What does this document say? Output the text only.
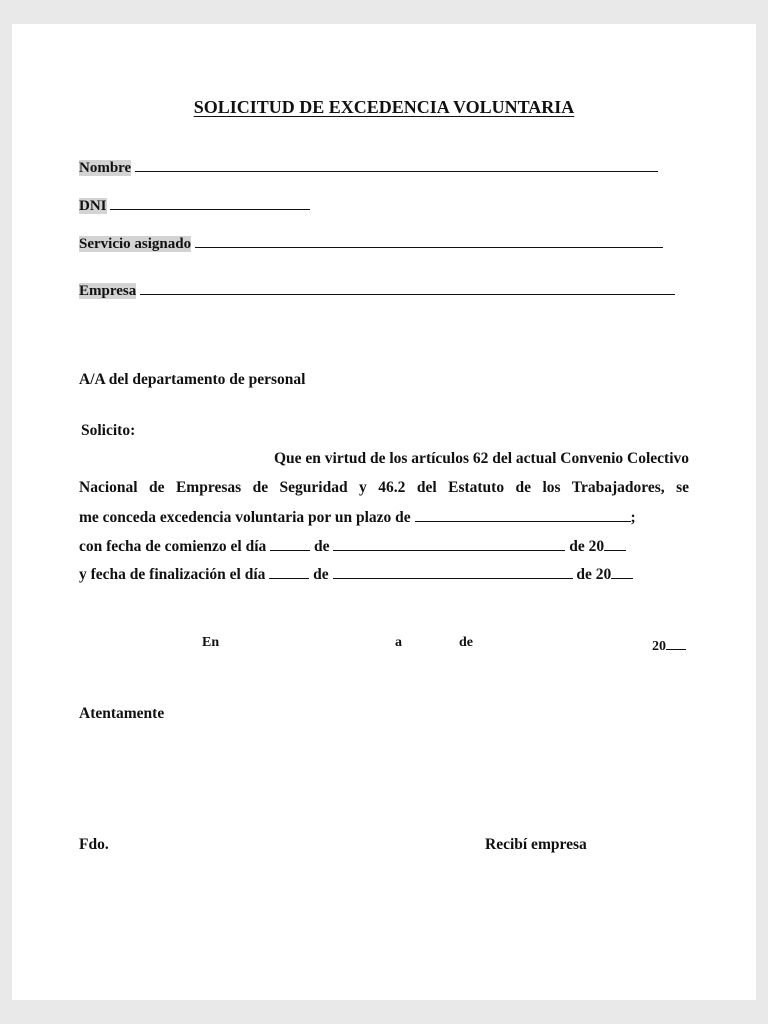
SOLICITUD DE EXCEDENCIA VOLUNTARIA
Nombre
DNI
Servicio asignado
Empresa
A/A del departamento de personal
Solicito:
Que en virtud de los artículos 62 del actual Convenio Colectivo
Nacional de Empresas de Seguridad y 46.2 del Estatuto de los Trabajadores, se
me conceda excedencia voluntaria por un plazo de	;
con fecha de comienzo el día	de	de 20
y fecha de finalización el día	de	de 20
En	a	de	20
Atentamente
Fdo.	Recibí empresa
